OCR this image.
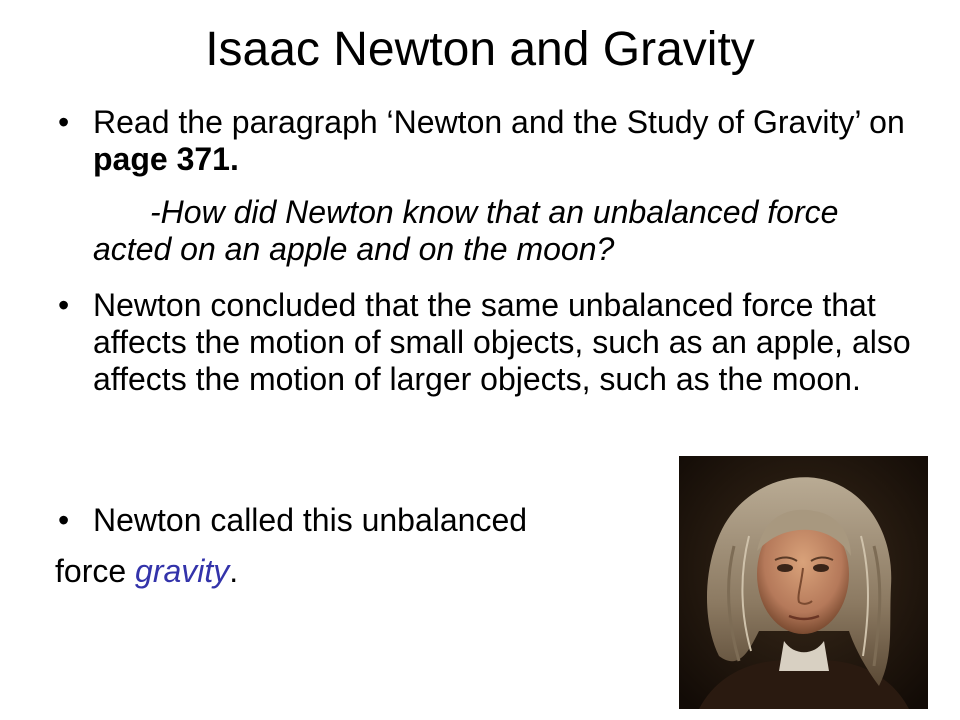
Isaac Newton and Gravity
• Read the paragraph ‘Newton and the Study of Gravity’ on page 371.
-How did Newton know that an unbalanced force acted on an apple and on the moon?
• Newton concluded that the same unbalanced force that affects the motion of small objects, such as an apple, also affects the motion of larger objects, such as the moon.
• Newton called this unbalanced
force gravity.
